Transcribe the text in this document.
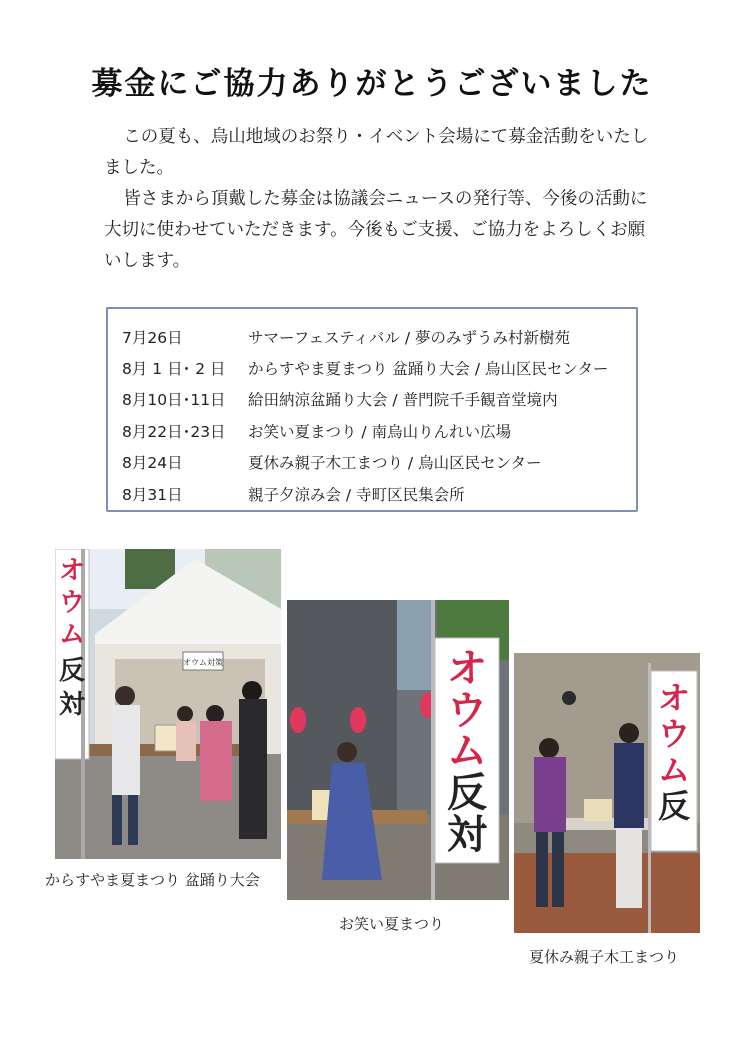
募金にご協力ありがとうございました

この夏も、烏山地域のお祭り・イベント会場にて募金活動をいたしました。

皆さまから頂戴した募金は協議会ニュースの発行等、今後の活動に大切に使わせていただきます。今後もご支援、ご協力をよろしくお願いします。

7月26日	サマーフェスティバル / 夢のみずうみ村新樹苑
8月 1 日･ 2 日	からすやま夏まつり 盆踊り大会 / 烏山区民センター
8月10日･11日	給田納涼盆踊り大会 / 普門院千手観音堂境内
8月22日･23日	お笑い夏まつり / 南烏山りんれい広場
8月24日	夏休み親子木工まつり / 烏山区民センター
8月31日	親子夕涼み会 / 寺町区民集会所
オウム対策
オ
ウ
ム
反
対
からすやま夏まつり 盆踊り大会
オ
ウ
ム
反
対
お笑い夏まつり
オ
ウ
ム
反
夏休み親子木工まつり
